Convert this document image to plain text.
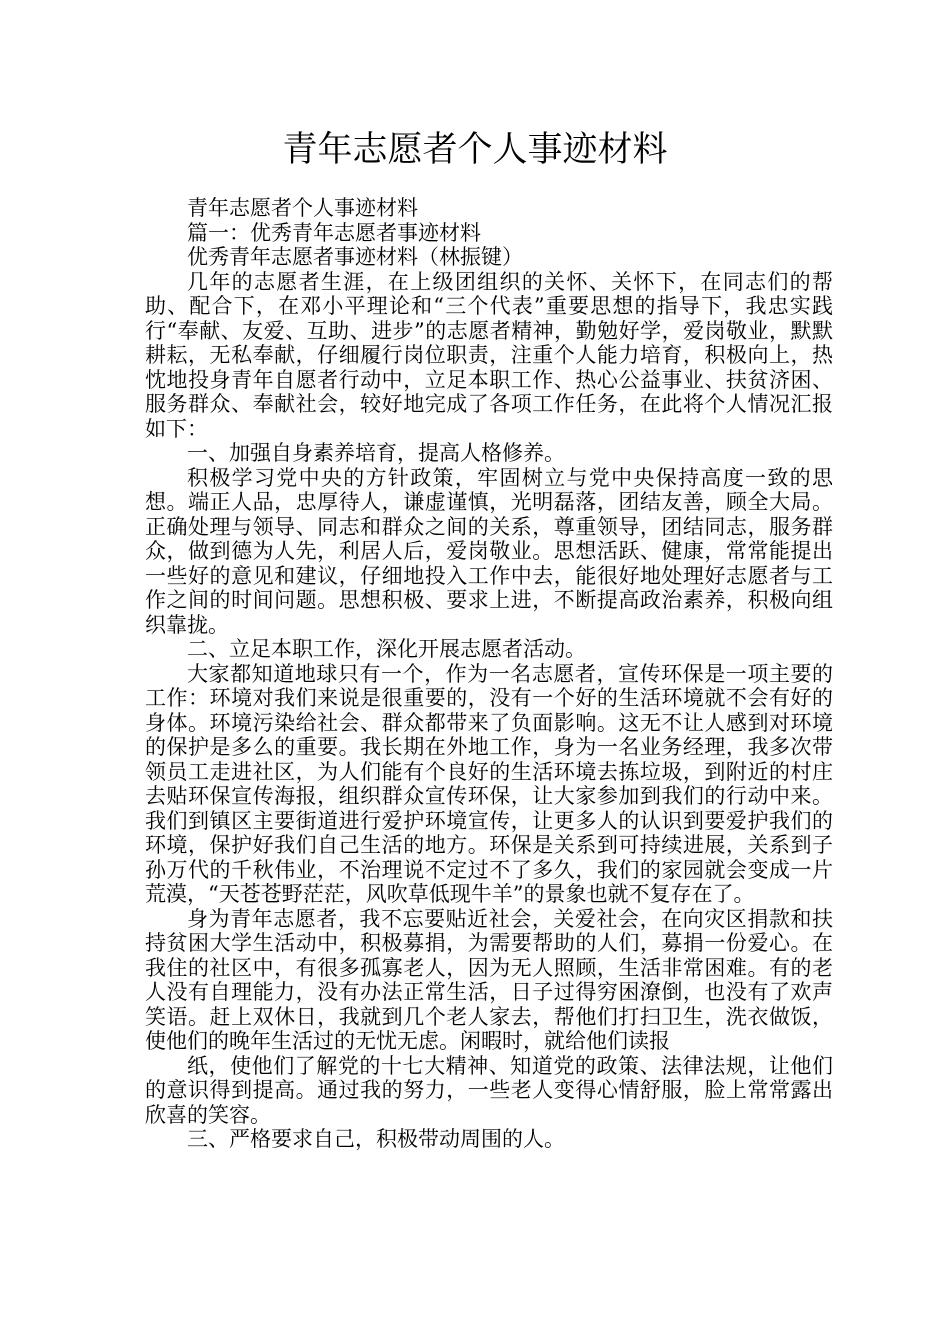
青年志愿者个人事迹材料

青年志愿者个人事迹材料

篇一：优秀青年志愿者事迹材料

优秀青年志愿者事迹材料（林振键）

几年的志愿者生涯，在上级团组织的关怀、关怀下，在同志们的帮助、配合下，在邓小平理论和“三个代表”重要思想的指导下，我忠实践行“奉献、友爱、互助、进步”的志愿者精神，勤勉好学，爱岗敬业，默默耕耘，无私奉献，仔细履行岗位职责，注重个人能力培育，积极向上，热忱地投身青年自愿者行动中，立足本职工作、热心公益事业、扶贫济困、服务群众、奉献社会，较好地完成了各项工作任务，在此将个人情况汇报如下：

一、加强自身素养培育，提高人格修养。

积极学习党中央的方针政策，牢固树立与党中央保持高度一致的思想。端正人品，忠厚待人，谦虚谨慎，光明磊落，团结友善，顾全大局。正确处理与领导、同志和群众之间的关系，尊重领导，团结同志，服务群众，做到德为人先，利居人后，爱岗敬业。思想活跃、健康，常常能提出一些好的意见和建议，仔细地投入工作中去，能很好地处理好志愿者与工作之间的时间问题。思想积极、要求上进，不断提高政治素养，积极向组织靠拢。

二、立足本职工作，深化开展志愿者活动。

大家都知道地球只有一个，作为一名志愿者，宣传环保是一项主要的工作：环境对我们来说是很重要的，没有一个好的生活环境就不会有好的身体。环境污染给社会、群众都带来了负面影响。这无不让人感到对环境的保护是多么的重要。我长期在外地工作，身为一名业务经理，我多次带领员工走进社区，为人们能有个良好的生活环境去拣垃圾，到附近的村庄去贴环保宣传海报，组织群众宣传环保，让大家参加到我们的行动中来。我们到镇区主要街道进行爱护环境宣传，让更多人的认识到要爱护我们的环境，保护好我们自己生活的地方。环保是关系到可持续进展，关系到子孙万代的千秋伟业，不治理说不定过不了多久，我们的家园就会变成一片荒漠，“天苍苍野茫茫，风吹草低现牛羊”的景象也就不复存在了。

身为青年志愿者，我不忘要贴近社会，关爱社会，在向灾区捐款和扶持贫困大学生活动中，积极募捐，为需要帮助的人们，募捐一份爱心。在我住的社区中，有很多孤寡老人，因为无人照顾，生活非常困难。有的老人没有自理能力，没有办法正常生活，日子过得穷困潦倒，也没有了欢声笑语。赶上双休日，我就到几个老人家去，帮他们打扫卫生，洗衣做饭，使他们的晚年生活过的无忧无虑。闲暇时，就给他们读报

纸，使他们了解党的十七大精神、知道党的政策、法律法规，让他们的意识得到提高。通过我的努力，一些老人变得心情舒服，脸上常常露出欣喜的笑容。

三、严格要求自己，积极带动周围的人。
